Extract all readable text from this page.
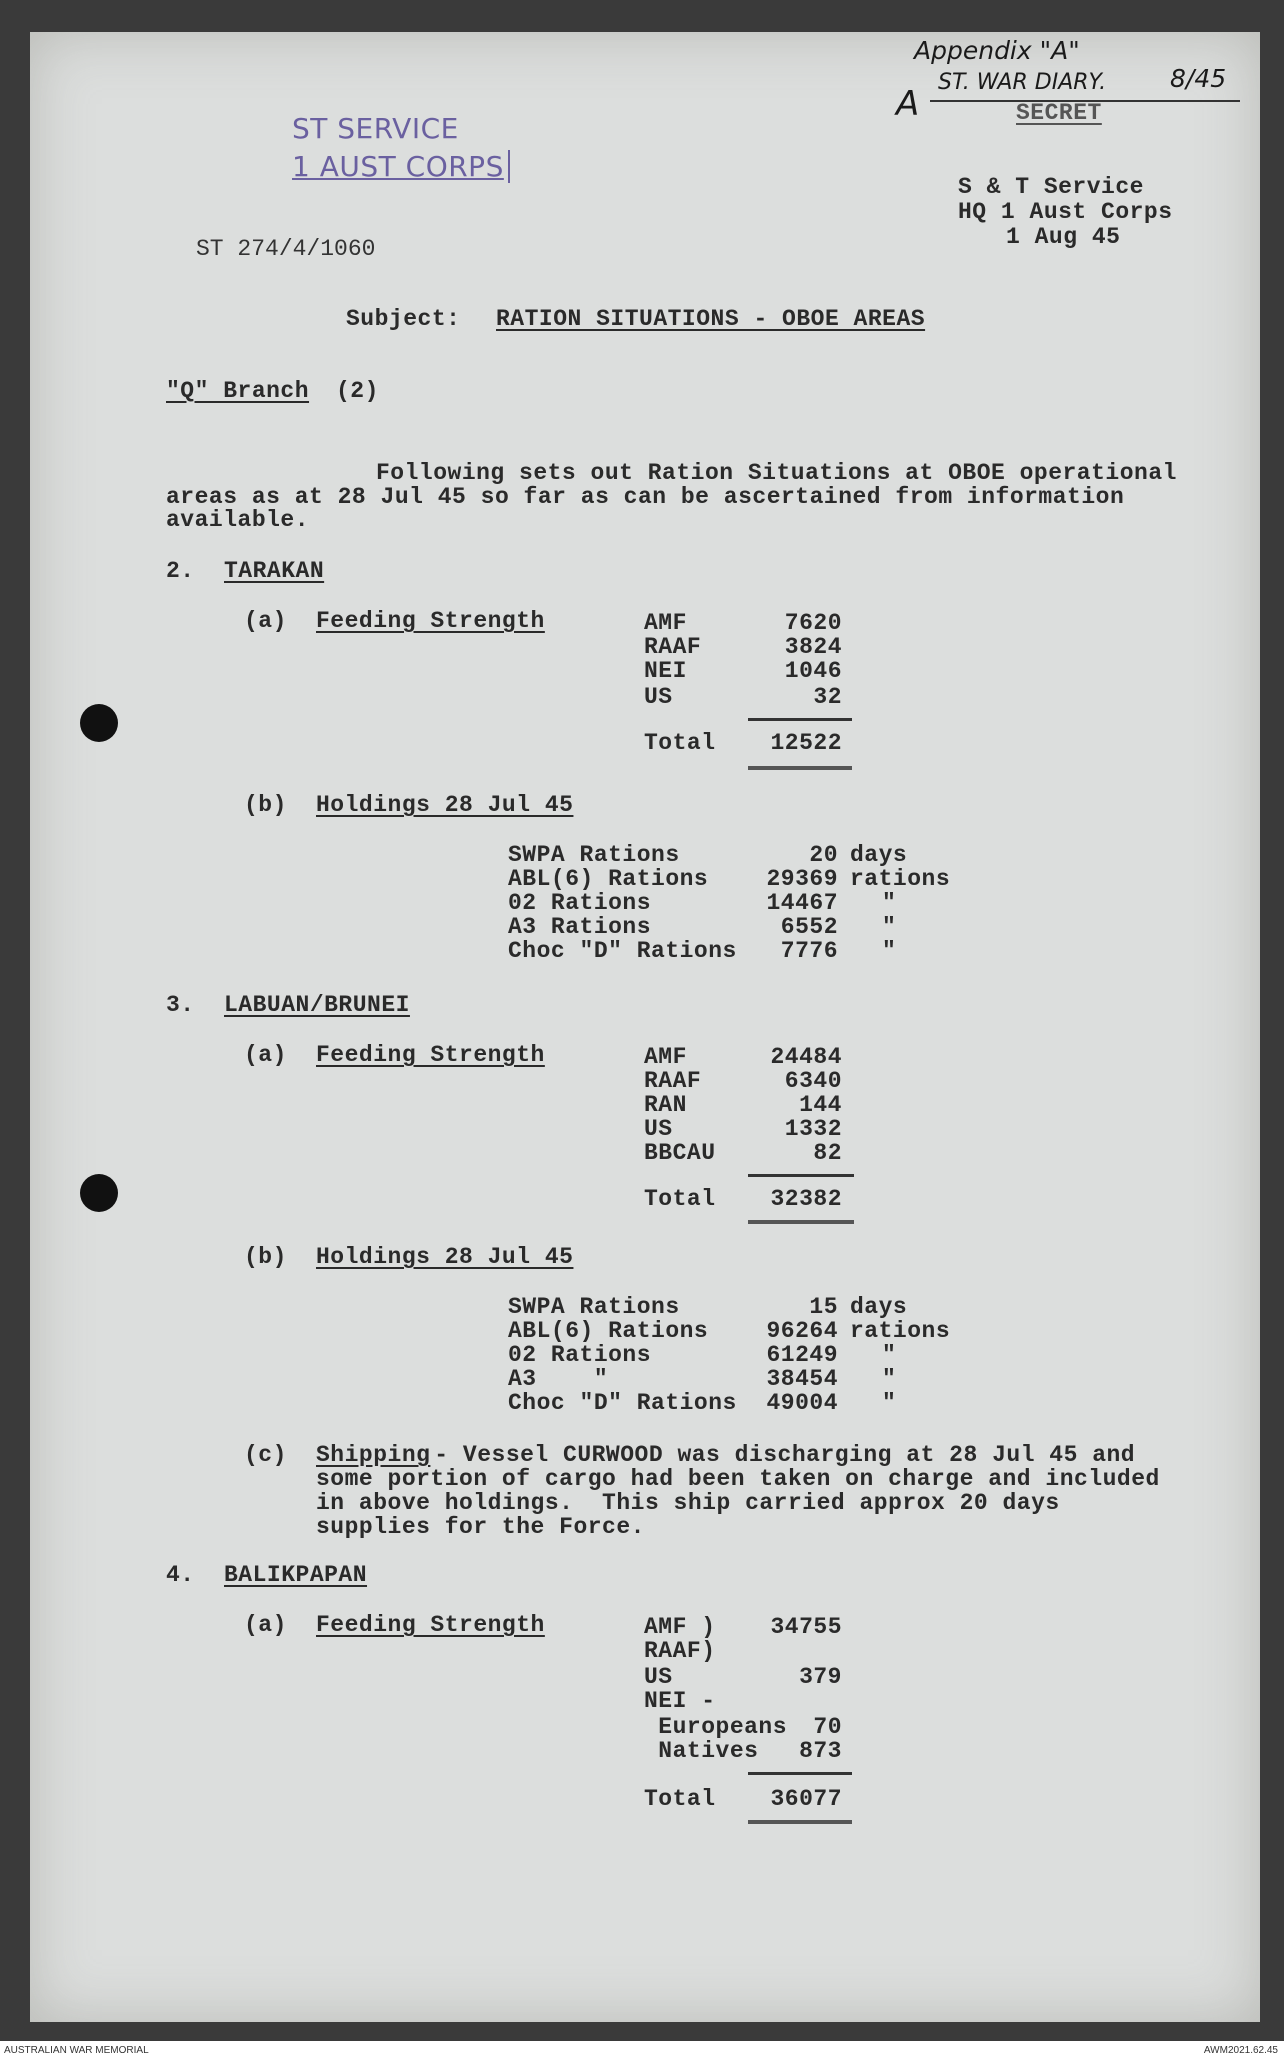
Appendix "A"
ST. WAR DIARY.	8/45
A	SECRET
ST SERVICE
1 AUST CORPS
S & T Service
HQ 1 Aust Corps
1 Aug 45
ST 274/4/1060
Subject: RATION SITUATIONS - OBOE AREAS
"Q" Branch (2)
Following sets out Ration Situations at OBOE operational
areas as at 28 Jul 45 so far as can be ascertained from information
available.
2. TARAKAN
(a) Feeding Strength	AMF	7620
RAAF	3824
NEI	1046
US	32
Total	12522
(b) Holdings 28 Jul 45
SWPA Rations	20 days
ABL(6) Rations	29369 rations
02 Rations	14467 "
A3 Rations	6552 "
Choc "D" Rations	7776 "
3. LABUAN/BRUNEI
(a) Feeding Strength	AMF	24484
RAAF	6340
RAN	144
US	1332
BBCAU	82
Total	32382
(b) Holdings 28 Jul 45
SWPA Rations	15 days
ABL(6) Rations	96264 rations
02 Rations	61249 "
A3    "	38454 "
Choc "D" Rations	49004 "
(c) Shipping
- Vessel CURWOOD was discharging at 28 Jul 45 and
some portion of cargo had been taken on charge and included
in above holdings.  This ship carried approx 20 days
supplies for the Force.
4. BALIKPAPAN
(a) Feeding Strength	AMF )	34755
RAAF)
US	379
NEI -
Europeans	70
Natives	873
Total	36077
AUSTRALIAN WAR MEMORIAL	AWM2021.62.45
